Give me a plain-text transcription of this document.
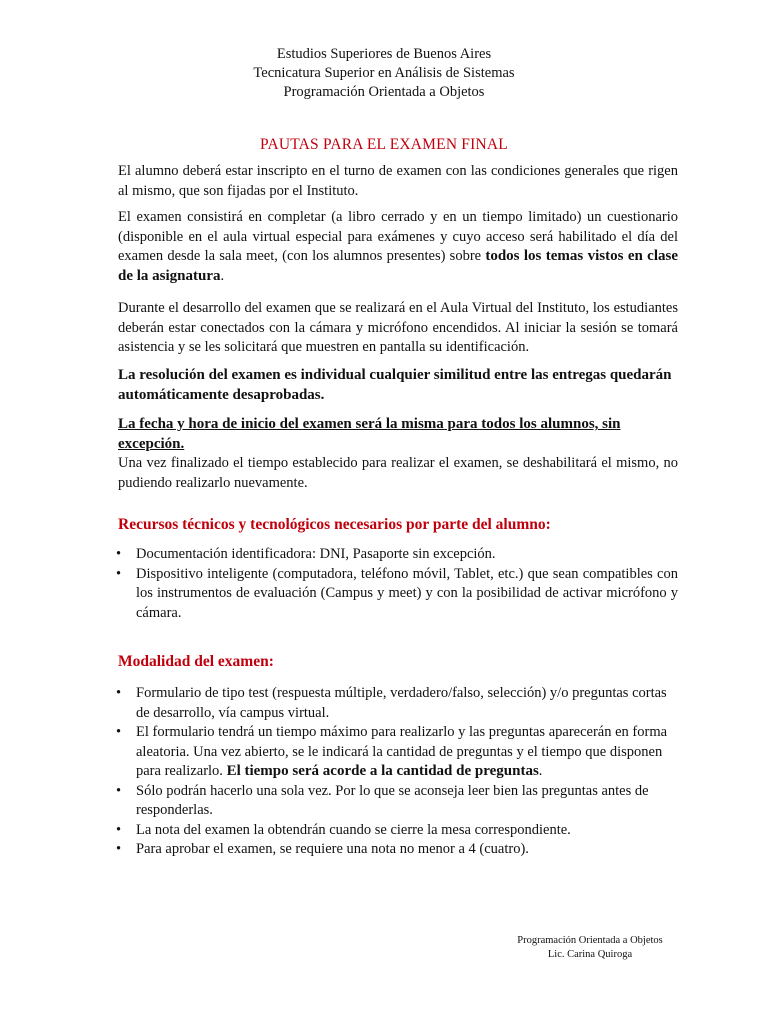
Estudios Superiores de Buenos Aires
Tecnicatura Superior en Análisis de Sistemas
Programación Orientada a Objetos
PAUTAS PARA EL EXAMEN FINAL

El alumno deberá estar inscripto en el turno de examen con las condiciones generales que rigen al mismo, que son fijadas por el Instituto.

El examen consistirá en completar (a libro cerrado y en un tiempo limitado) un cuestionario (disponible en el aula virtual especial para exámenes y cuyo acceso será habilitado el día del examen desde la sala meet, (con los alumnos presentes) sobre todos los temas vistos en clase de la asignatura.

Durante el desarrollo del examen que se realizará en el Aula Virtual del Instituto, los estudiantes deberán estar conectados con la cámara y micrófono encendidos. Al iniciar la sesión se tomará asistencia y se les solicitará que muestren en pantalla su identificación.

La resolución del examen es individual cualquier similitud entre las entregas quedarán automáticamente desaprobadas.

La fecha y hora de inicio del examen será la misma para todos los alumnos, sin excepción.

Una vez finalizado el tiempo establecido para realizar el examen, se deshabilitará el mismo, no pudiendo realizarlo nuevamente.

Recursos técnicos y tecnológicos necesarios por parte del alumno:
• Documentación identificadora: DNI, Pasaporte sin excepción.
• Dispositivo inteligente (computadora, teléfono móvil, Tablet, etc.) que sean compatibles con los instrumentos de evaluación (Campus y meet) y con la posibilidad de activar micrófono y cámara.
Modalidad del examen:
• Formulario de tipo test (respuesta múltiple, verdadero/falso, selección) y/o preguntas cortas de desarrollo, vía campus virtual.
• El formulario tendrá un tiempo máximo para realizarlo y las preguntas aparecerán en forma aleatoria. Una vez abierto, se le indicará la cantidad de preguntas y el tiempo que disponen para realizarlo. El tiempo será acorde a la cantidad de preguntas.
• Sólo podrán hacerlo una sola vez. Por lo que se aconseja leer bien las preguntas antes de responderlas.
• La nota del examen la obtendrán cuando se cierre la mesa correspondiente.
• Para aprobar el examen, se requiere una nota no menor a 4 (cuatro).
Programación Orientada a Objetos
Lic. Carina Quiroga
